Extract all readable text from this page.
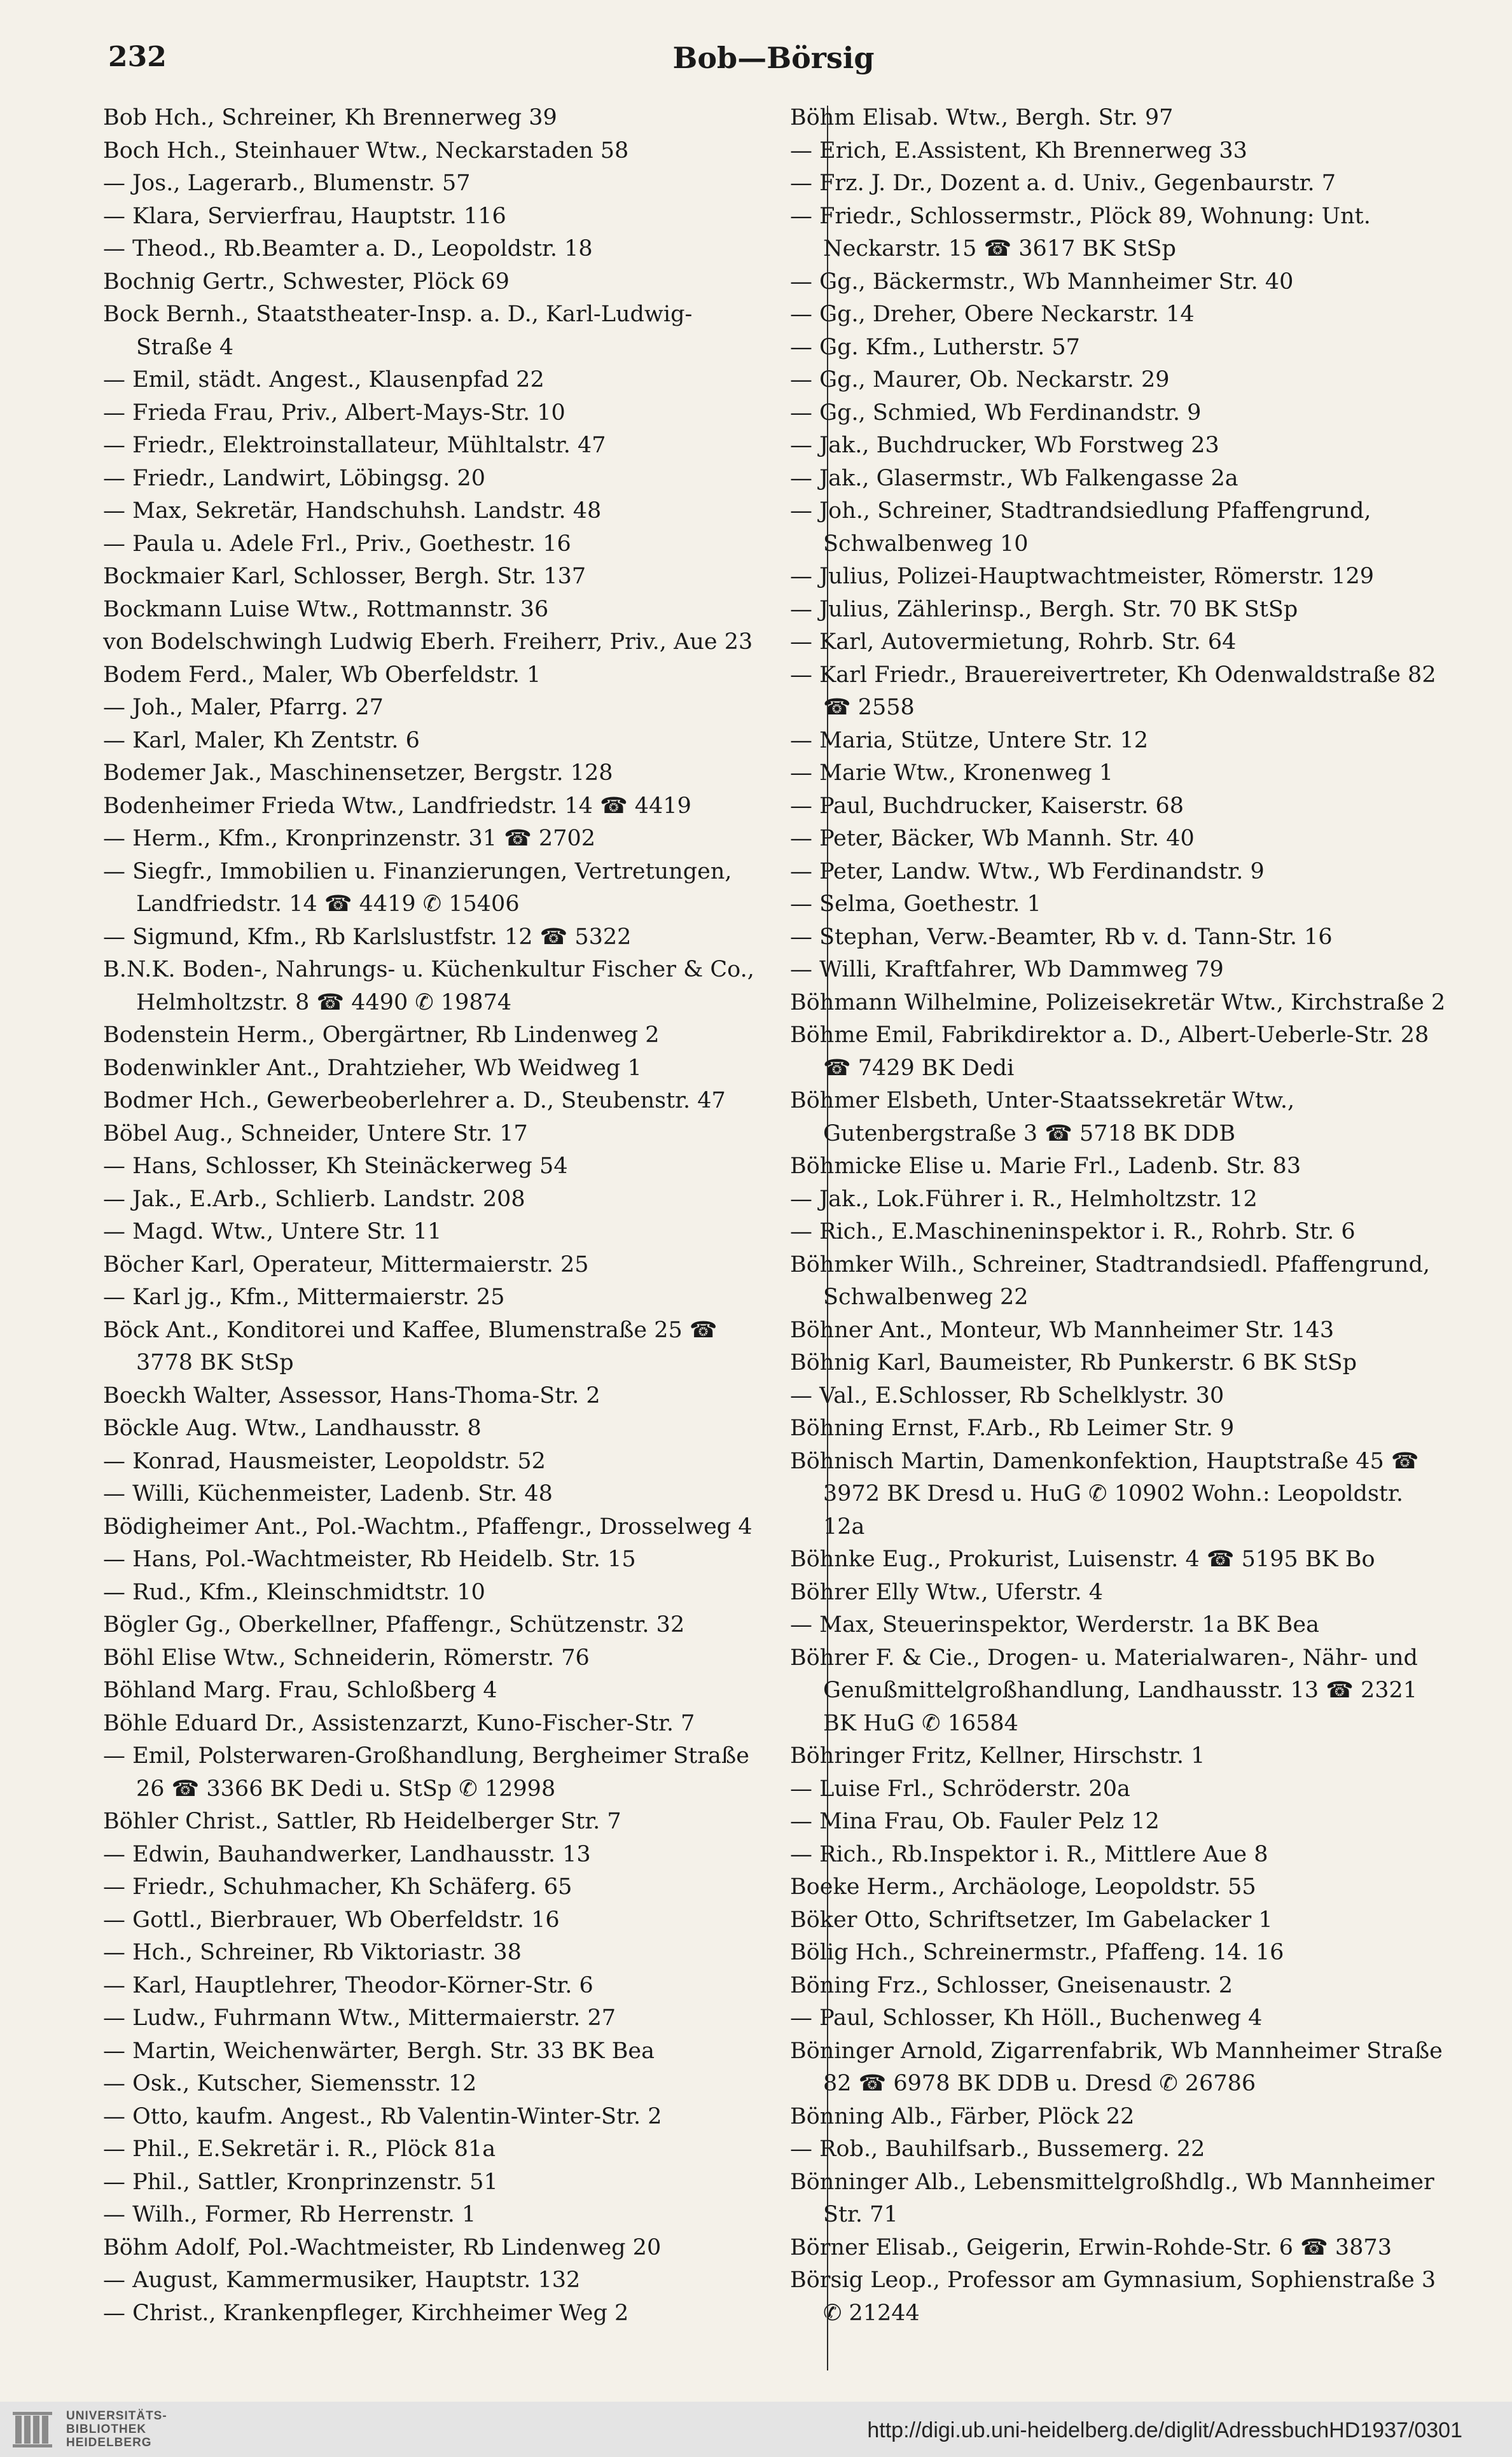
232	Bob—Börsig
Bob Hch., Schreiner, Kh Brennerweg 39
Boch Hch., Steinhauer Wtw., Neckarstaden 58
— Jos., Lagerarb., Blumenstr. 57
— Klara, Servierfrau, Hauptstr. 116
— Theod., Rb.Beamter a. D., Leopoldstr. 18
Bochnig Gertr., Schwester, Plöck 69
Bock Bernh., Staatstheater-Insp. a. D., Karl-Ludwig-Straße 4
— Emil, städt. Angest., Klausenpfad 22
— Frieda Frau, Priv., Albert-Mays-Str. 10
— Friedr., Elektroinstallateur, Mühltalstr. 47
— Friedr., Landwirt, Löbingsg. 20
— Max, Sekretär, Handschuhsh. Landstr. 48
— Paula u. Adele Frl., Priv., Goethestr. 16
Bockmaier Karl, Schlosser, Bergh. Str. 137
Bockmann Luise Wtw., Rottmannstr. 36
von Bodelschwingh Ludwig Eberh. Freiherr, Priv., Aue 23
Bodem Ferd., Maler, Wb Oberfeldstr. 1
— Joh., Maler, Pfarrg. 27
— Karl, Maler, Kh Zentstr. 6
Bodemer Jak., Maschinensetzer, Bergstr. 128
Bodenheimer Frieda Wtw., Landfriedstr. 14 ☎ 4419
— Herm., Kfm., Kronprinzenstr. 31 ☎ 2702
— Siegfr., Immobilien u. Finanzierungen, Vertretungen, Landfriedstr. 14 ☎ 4419 ✆ 15406
— Sigmund, Kfm., Rb Karlslustfstr. 12 ☎ 5322
B.N.K. Boden-, Nahrungs- u. Küchenkultur Fischer & Co., Helmholtzstr. 8 ☎ 4490 ✆ 19874
Bodenstein Herm., Obergärtner, Rb Lindenweg 2
Bodenwinkler Ant., Drahtzieher, Wb Weidweg 1
Bodmer Hch., Gewerbeoberlehrer a. D., Steubenstr. 47
Böbel Aug., Schneider, Untere Str. 17
— Hans, Schlosser, Kh Steinäckerweg 54
— Jak., E.Arb., Schlierb. Landstr. 208
— Magd. Wtw., Untere Str. 11
Böcher Karl, Operateur, Mittermaierstr. 25
— Karl jg., Kfm., Mittermaierstr. 25
Böck Ant., Konditorei und Kaffee, Blumenstraße 25 ☎ 3778 BK StSp
Boeckh Walter, Assessor, Hans-Thoma-Str. 2
Böckle Aug. Wtw., Landhausstr. 8
— Konrad, Hausmeister, Leopoldstr. 52
— Willi, Küchenmeister, Ladenb. Str. 48
Bödigheimer Ant., Pol.-Wachtm., Pfaffengr., Drosselweg 4
— Hans, Pol.-Wachtmeister, Rb Heidelb. Str. 15
— Rud., Kfm., Kleinschmidtstr. 10
Bögler Gg., Oberkellner, Pfaffengr., Schützenstr. 32
Böhl Elise Wtw., Schneiderin, Römerstr. 76
Böhland Marg. Frau, Schloßberg 4
Böhle Eduard Dr., Assistenzarzt, Kuno-Fischer-Str. 7
— Emil, Polsterwaren-Großhandlung, Bergheimer Straße 26 ☎ 3366 BK Dedi u. StSp ✆ 12998
Böhler Christ., Sattler, Rb Heidelberger Str. 7
— Edwin, Bauhandwerker, Landhausstr. 13
— Friedr., Schuhmacher, Kh Schäferg. 65
— Gottl., Bierbrauer, Wb Oberfeldstr. 16
— Hch., Schreiner, Rb Viktoriastr. 38
— Karl, Hauptlehrer, Theodor-Körner-Str. 6
— Ludw., Fuhrmann Wtw., Mittermaierstr. 27
— Martin, Weichenwärter, Bergh. Str. 33 BK Bea
— Osk., Kutscher, Siemensstr. 12
— Otto, kaufm. Angest., Rb Valentin-Winter-Str. 2
— Phil., E.Sekretär i. R., Plöck 81a
— Phil., Sattler, Kronprinzenstr. 51
— Wilh., Former, Rb Herrenstr. 1
Böhm Adolf, Pol.-Wachtmeister, Rb Lindenweg 20
— August, Kammermusiker, Hauptstr. 132
— Christ., Krankenpfleger, Kirchheimer Weg 2
Böhm Elisab. Wtw., Bergh. Str. 97
— Erich, E.Assistent, Kh Brennerweg 33
— Frz. J. Dr., Dozent a. d. Univ., Gegenbaurstr. 7
— Friedr., Schlossermstr., Plöck 89, Wohnung: Unt. Neckarstr. 15 ☎ 3617 BK StSp
— Gg., Bäckermstr., Wb Mannheimer Str. 40
— Gg., Dreher, Obere Neckarstr. 14
— Gg. Kfm., Lutherstr. 57
— Gg., Maurer, Ob. Neckarstr. 29
— Gg., Schmied, Wb Ferdinandstr. 9
— Jak., Buchdrucker, Wb Forstweg 23
— Jak., Glasermstr., Wb Falkengasse 2a
— Joh., Schreiner, Stadtrandsiedlung Pfaffengrund, Schwalbenweg 10
— Julius, Polizei-Hauptwachtmeister, Römerstr. 129
— Julius, Zählerinsp., Bergh. Str. 70 BK StSp
— Karl, Autovermietung, Rohrb. Str. 64
— Karl Friedr., Brauereivertreter, Kh Odenwaldstraße 82 ☎ 2558
— Maria, Stütze, Untere Str. 12
— Marie Wtw., Kronenweg 1
— Paul, Buchdrucker, Kaiserstr. 68
— Peter, Bäcker, Wb Mannh. Str. 40
— Peter, Landw. Wtw., Wb Ferdinandstr. 9
— Selma, Goethestr. 1
— Stephan, Verw.-Beamter, Rb v. d. Tann-Str. 16
— Willi, Kraftfahrer, Wb Dammweg 79
Böhmann Wilhelmine, Polizeisekretär Wtw., Kirchstraße 2
Böhme Emil, Fabrikdirektor a. D., Albert-Ueberle-Str. 28 ☎ 7429 BK Dedi
Böhmer Elsbeth, Unter-Staatssekretär Wtw., Gutenbergstraße 3 ☎ 5718 BK DDB
Böhmicke Elise u. Marie Frl., Ladenb. Str. 83
— Jak., Lok.Führer i. R., Helmholtzstr. 12
— Rich., E.Maschineninspektor i. R., Rohrb. Str. 6
Böhmker Wilh., Schreiner, Stadtrandsiedl. Pfaffengrund, Schwalbenweg 22
Böhner Ant., Monteur, Wb Mannheimer Str. 143
Böhnig Karl, Baumeister, Rb Punkerstr. 6 BK StSp
— Val., E.Schlosser, Rb Schelklystr. 30
Böhning Ernst, F.Arb., Rb Leimer Str. 9
Böhnisch Martin, Damenkonfektion, Hauptstraße 45 ☎ 3972 BK Dresd u. HuG ✆ 10902 Wohn.: Leopoldstr. 12a
Böhnke Eug., Prokurist, Luisenstr. 4 ☎ 5195 BK Bo
Böhrer Elly Wtw., Uferstr. 4
— Max, Steuerinspektor, Werderstr. 1a BK Bea
Böhrer F. & Cie., Drogen- u. Materialwaren-, Nähr- und Genußmittelgroßhandlung, Landhausstr. 13 ☎ 2321 BK HuG ✆ 16584
Böhringer Fritz, Kellner, Hirschstr. 1
— Luise Frl., Schröderstr. 20a
— Mina Frau, Ob. Fauler Pelz 12
— Rich., Rb.Inspektor i. R., Mittlere Aue 8
Boeke Herm., Archäologe, Leopoldstr. 55
Böker Otto, Schriftsetzer, Im Gabelacker 1
Bölig Hch., Schreinermstr., Pfaffeng. 14. 16
Böning Frz., Schlosser, Gneisenaustr. 2
— Paul, Schlosser, Kh Höll., Buchenweg 4
Böninger Arnold, Zigarrenfabrik, Wb Mannheimer Straße 82 ☎ 6978 BK DDB u. Dresd ✆ 26786
Bönning Alb., Färber, Plöck 22
— Rob., Bauhilfsarb., Bussemerg. 22
Bönninger Alb., Lebensmittelgroßhdlg., Wb Mannheimer Str. 71
Börner Elisab., Geigerin, Erwin-Rohde-Str. 6 ☎ 3873
Börsig Leop., Professor am Gymnasium, Sophienstraße 3 ✆ 21244
UNIVERSITÄTS-
BIBLIOTHEK
HEIDELBERG
http://digi.ub.uni-heidelberg.de/diglit/AdressbuchHD1937/0301
